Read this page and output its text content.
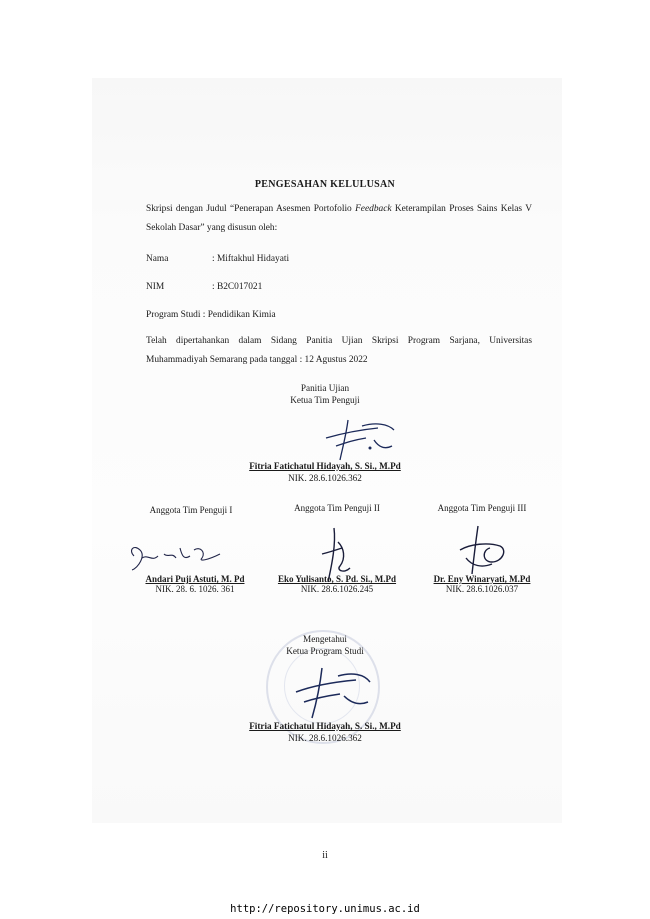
PENGESAHAN KELULUSAN
Skripsi dengan Judul “Penerapan Asesmen Portofolio Feedback Keterampilan Proses Sains Kelas V Sekolah Dasar” yang disusun oleh:
Nama	: Miftakhul Hidayati
NIM	: B2C017021
Program Studi : Pendidikan Kimia
Telah dipertahankan dalam Sidang Panitia Ujian Skripsi Program Sarjana, Universitas Muhammadiyah Semarang pada tanggal : 12 Agustus 2022
Panitia Ujian
Ketua Tim Penguji
Fitria Fatichatul Hidayah, S. Si., M.Pd
NIK. 28.6.1026.362
Anggota Tim Penguji I	Anggota Tim Penguji II	Anggota Tim Penguji III
Andari Puji Astuti, M. Pd
NIK. 28. 6. 1026. 361
Eko Yulisanto, S. Pd. Si., M.Pd
NIK. 28.6.1026.245
Dr. Eny Winaryati, M.Pd
NIK. 28.6.1026.037
Mengetahui
Ketua Program Studi
Fitria Fatichatul Hidayah, S. Si., M.Pd
NIK. 28.6.1026.362
ii
http://repository.unimus.ac.id
